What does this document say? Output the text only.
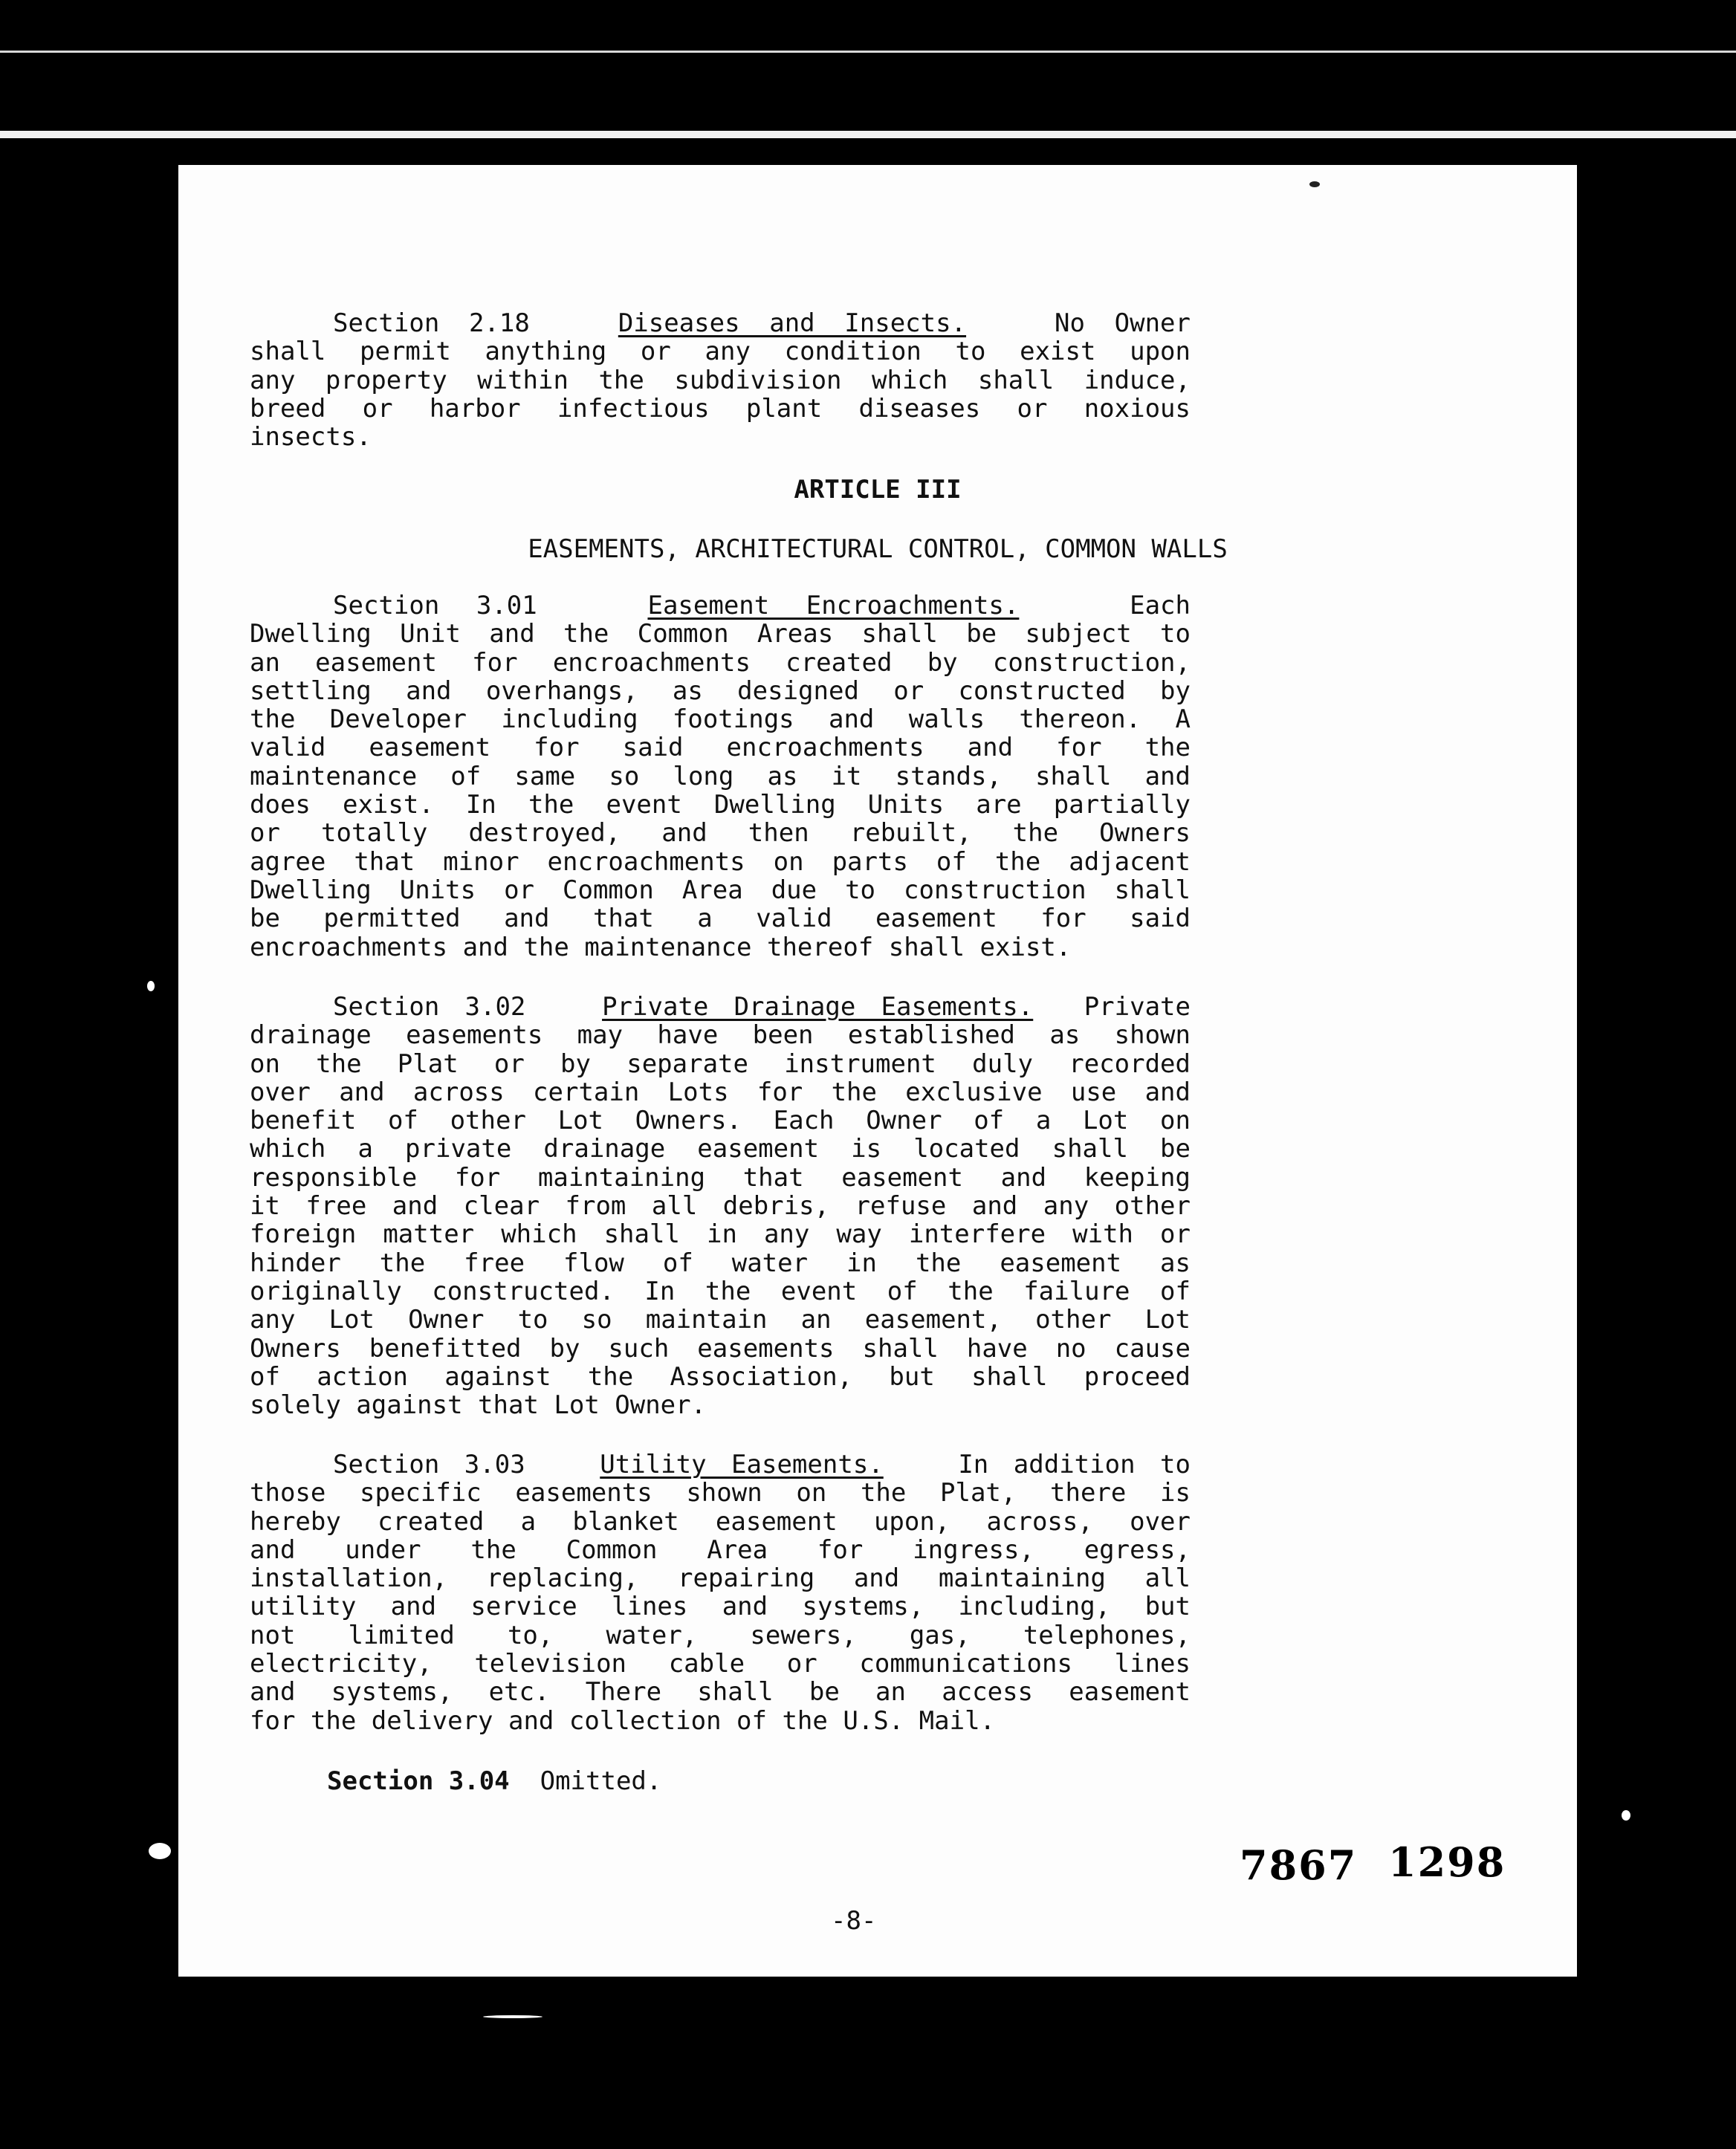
Section 2.18	Diseases and Insects.	No Owner
shall permit anything or any condition to exist upon
any property within the subdivision which shall induce,
breed or harbor infectious plant diseases or noxious
insects.
ARTICLE III
EASEMENTS, ARCHITECTURAL CONTROL, COMMON WALLS
Section 3.01	Easement Encroachments.	Each
Dwelling Unit and the Common Areas shall be subject to
an easement for encroachments created by construction,
settling and overhangs, as designed or constructed by
the Developer including footings and walls thereon. A
valid easement for said encroachments and for the
maintenance of same so long as it stands, shall and
does exist. In the event Dwelling Units are partially
or totally destroyed, and then rebuilt, the Owners
agree that minor encroachments on parts of the adjacent
Dwelling Units or Common Area due to construction shall
be permitted and that a valid easement for said
encroachments and the maintenance thereof shall exist.
Section 3.02	Private Drainage Easements. Private
drainage easements may have been established as shown
on the Plat or by separate instrument duly recorded
over and across certain Lots for the exclusive use and
benefit of other Lot Owners. Each Owner of a Lot on
which a private drainage easement is located shall be
responsible for maintaining that easement and keeping
it free and clear from all debris, refuse and any other
foreign matter which shall in any way interfere with or
hinder the free flow of water in the easement as
originally constructed. In the event of the failure of
any Lot Owner to so maintain an easement, other Lot
Owners benefitted by such easements shall have no cause
of action against the Association, but shall proceed
solely against that Lot Owner.
Section 3.03	Utility Easements.	In addition to
those specific easements shown on the Plat, there is
hereby created a blanket easement upon, across, over
and under the Common Area for ingress, egress,
installation, replacing, repairing and maintaining all
utility and service lines and systems, including, but
not limited to, water, sewers, gas, telephones,
electricity, television cable or communications lines
and systems, etc. There shall be an access easement
for the delivery and collection of the U.S. Mail.
Section 3.04 Omitted.
7867 1298
-8-
